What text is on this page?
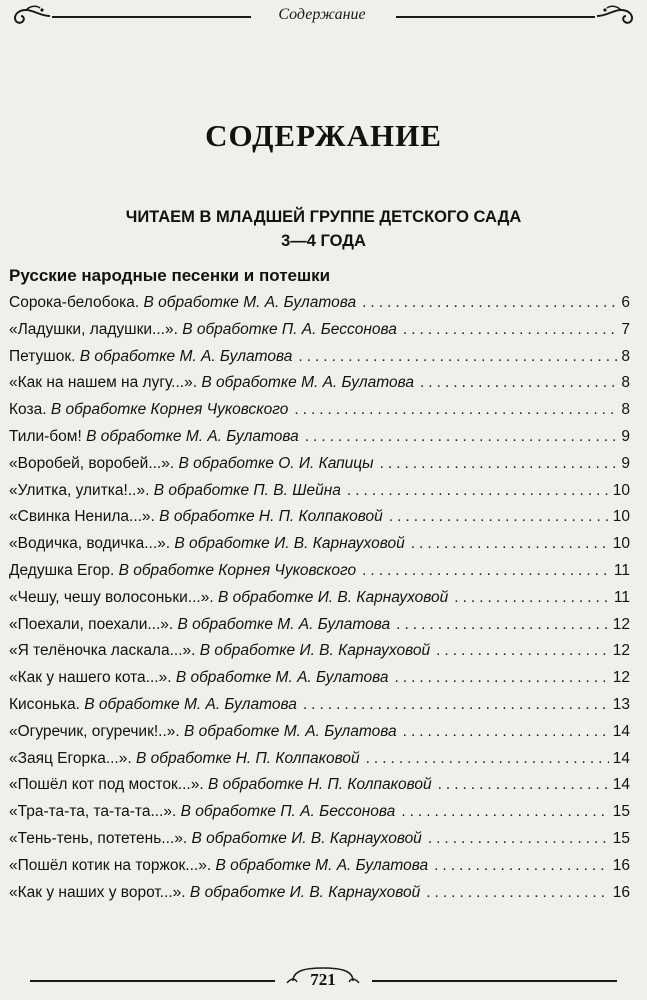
Содержание
СОДЕРЖАНИЕ
ЧИТАЕМ В МЛАДШЕЙ ГРУППЕ ДЕТСКОГО САДА
3—4 ГОДА
Русские народные песенки и потешки
Сорока-белобока. В обработке М. А. Булатова .....	6
«Ладушки, ладушки...». В обработке П. А. Бессонова .....	7
Петушок. В обработке М. А. Булатова .....	8
«Как на нашем на лугу...». В обработке М. А. Булатова .....	8
Коза. В обработке Корнея Чуковского .....	8
Тили-бом! В обработке М. А. Булатова .....	9
«Воробей, воробей...». В обработке О. И. Капицы .....	9
«Улитка, улитка!..». В обработке П. В. Шейна .....	10
«Свинка Ненила...». В обработке Н. П. Колпаковой .....	10
«Водичка, водичка...». В обработке И. В. Карнауховой .....	10
Дедушка Егор. В обработке Корнея Чуковского .....	11
«Чешу, чешу волосоньки...». В обработке И. В. Карнауховой .....	11
«Поехали, поехали...». В обработке М. А. Булатова .....	12
«Я телёночка ласкала...». В обработке И. В. Карнауховой .....	12
«Как у нашего кота...». В обработке М. А. Булатова .....	12
Кисонька. В обработке М. А. Булатова .....	13
«Огуречик, огуречик!..». В обработке М. А. Булатова .....	14
«Заяц Егорка...». В обработке Н. П. Колпаковой .....	14
«Пошёл кот под мосток...». В обработке Н. П. Колпаковой .....	14
«Тра-та-та, та-та-та...». В обработке П. А. Бессонова .....	15
«Тень-тень, потетень...». В обработке И. В. Карнауховой .....	15
«Пошёл котик на торжок...». В обработке М. А. Булатова .....	16
«Как у наших у ворот...». В обработке И. В. Карнауховой .....	16
721
